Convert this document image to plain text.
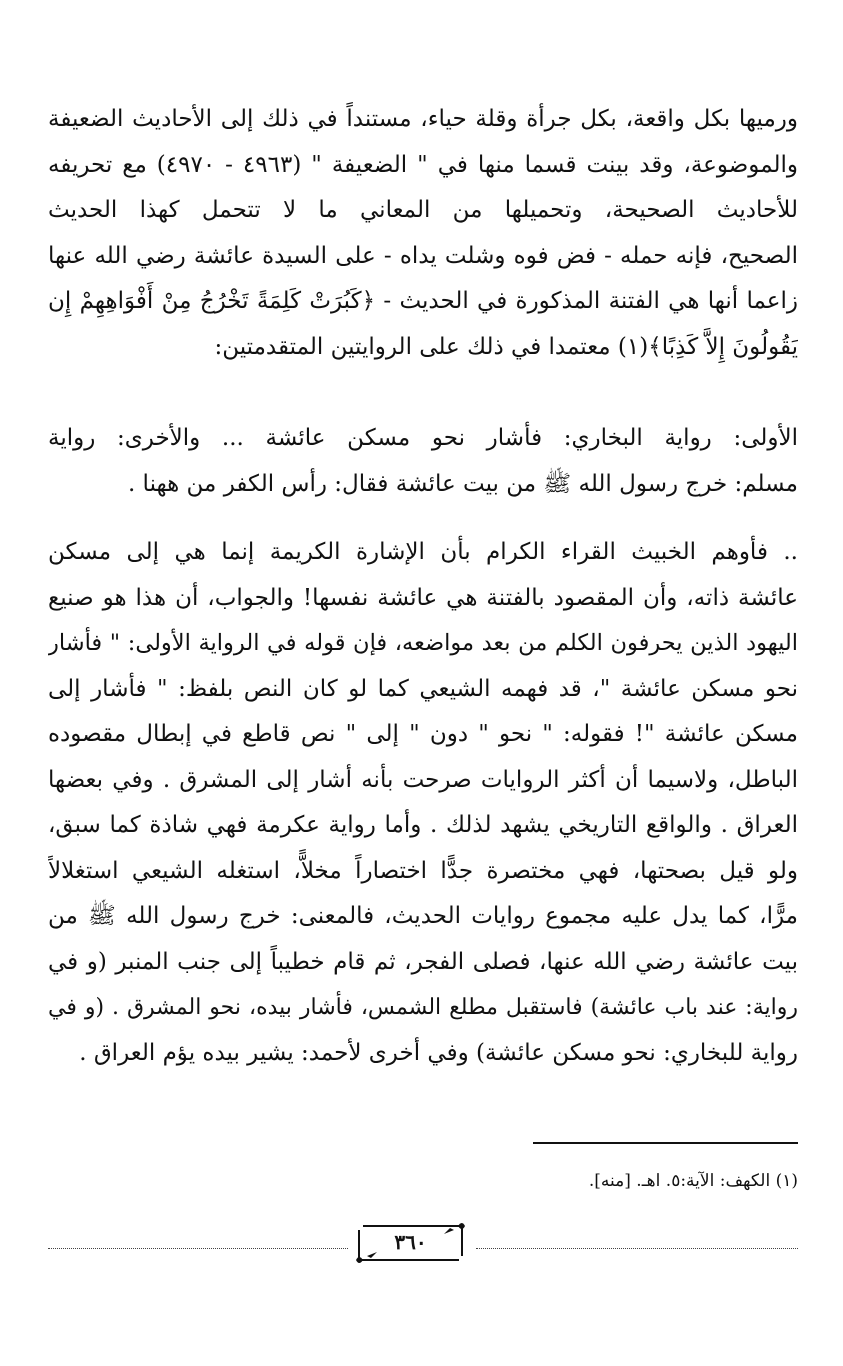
ورميها بكل واقعة، بكل جرأة وقلة حياء، مستنداً في ذلك إلى الأحاديث الضعيفة
والموضوعة، وقد بينت قسما منها في " الضعيفة " (٤٩٦٣ - ٤٩٧٠) مع تحريفه
للأحاديث الصحيحة، وتحميلها من المعاني ما لا تتحمل كهذا الحديث
الصحيح، فإنه حمله - فض فوه وشلت يداه - على السيدة عائشة رضي الله عنها
زاعما أنها هي الفتنة المذكورة في الحديث - ﴿كَبُرَتْ كَلِمَةً تَخْرُجُ مِنْ أَفْوَاهِهِمْ إِن
يَقُولُونَ إِلاَّ كَذِبًا﴾(١) معتمدا في ذلك على الروايتين المتقدمتين:
الأولى: رواية البخاري: فأشار نحو مسكن عائشة ... والأخرى: رواية
مسلم: خرج رسول الله ﷺ من بيت عائشة فقال: رأس الكفر من ههنا .
.. فأوهم الخبيث القراء الكرام بأن الإشارة الكريمة إنما هي إلى مسكن
عائشة ذاته، وأن المقصود بالفتنة هي عائشة نفسها! والجواب، أن هذا هو صنيع
اليهود الذين يحرفون الكلم من بعد مواضعه، فإن قوله في الرواية الأولى: " فأشار
نحو مسكن عائشة "، قد فهمه الشيعي كما لو كان النص بلفظ: " فأشار إلى
مسكن عائشة "! فقوله: " نحو " دون " إلى " نص قاطع في إبطال مقصوده
الباطل، ولاسيما أن أكثر الروايات صرحت بأنه أشار إلى المشرق . وفي بعضها
العراق . والواقع التاريخي يشهد لذلك . وأما رواية عكرمة فهي شاذة كما سبق،
ولو قيل بصحتها، فهي مختصرة جدًّا اختصاراً مخلاًّ، استغله الشيعي استغلالاً
مرًّا، كما يدل عليه مجموع روايات الحديث، فالمعنى: خرج رسول الله ﷺ من
بيت عائشة رضي الله عنها، فصلى الفجر، ثم قام خطيباً إلى جنب المنبر (و في
رواية: عند باب عائشة) فاستقبل مطلع الشمس، فأشار بيده، نحو المشرق . (و في
رواية للبخاري: نحو مسكن عائشة) وفي أخرى لأحمد: يشير بيده يؤم العراق .
(١) الكهف: الآية:٥. اهـ. [منه].
٣٦٠
